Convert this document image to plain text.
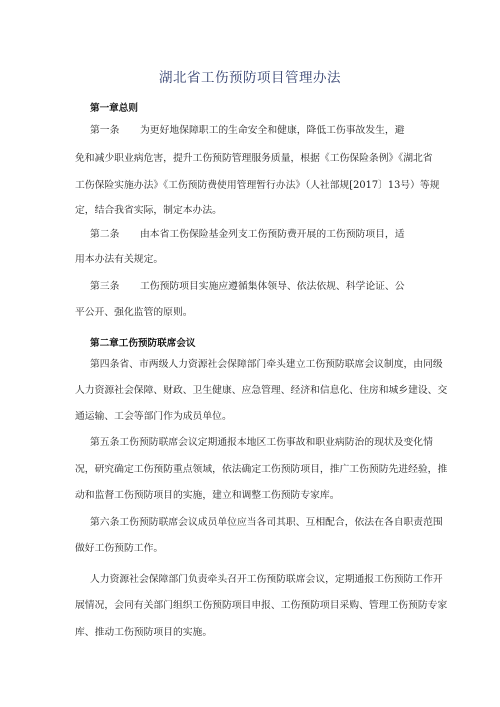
湖北省工伤预防项目管理办法
第一章总则
第一条 为更好地保障职工的生命安全和健康，降低工伤事故发生，避
免和减少职业病危害，提升工伤预防管理服务质量，根据《工伤保险条例》《湖北省
工伤保险实施办法》《工伤预防费使用管理暂行办法》（人社部规[2017〕13号）等规
定，结合我省实际，制定本办法。
第二条 由本省工伤保险基金列支工伤预防费开展的工伤预防项目，适
用本办法有关规定。
第三条 工伤预防项目实施应遵循集体领导、依法依规、科学论证、公
平公开、强化监管的原则。
第二章工伤预防联席会议
第四条省、市两级人力资源社会保障部门牵头建立工伤预防联席会议制度，由同级
人力资源社会保障、财政、卫生健康、应急管理、经济和信息化、住房和城乡建设、交
通运输、工会等部门作为成员单位。
第五条工伤预防联席会议定期通报本地区工伤事故和职业病防治的现状及变化情
况，研究确定工伤预防重点领域，依法确定工伤预防项目，推广工伤预防先进经验，推
动和监督工伤预防项目的实施，建立和调整工伤预防专家库。
第六条工伤预防联席会议成员单位应当各司其职、互相配合，依法在各自职责范围
做好工伤预防工作。
人力资源社会保障部门负责牵头召开工伤预防联席会议，定期通报工伤预防工作开
展情况，会同有关部门组织工伤预防项目申报、工伤预防项目采购、管理工伤预防专家
库、推动工伤预防项目的实施。
